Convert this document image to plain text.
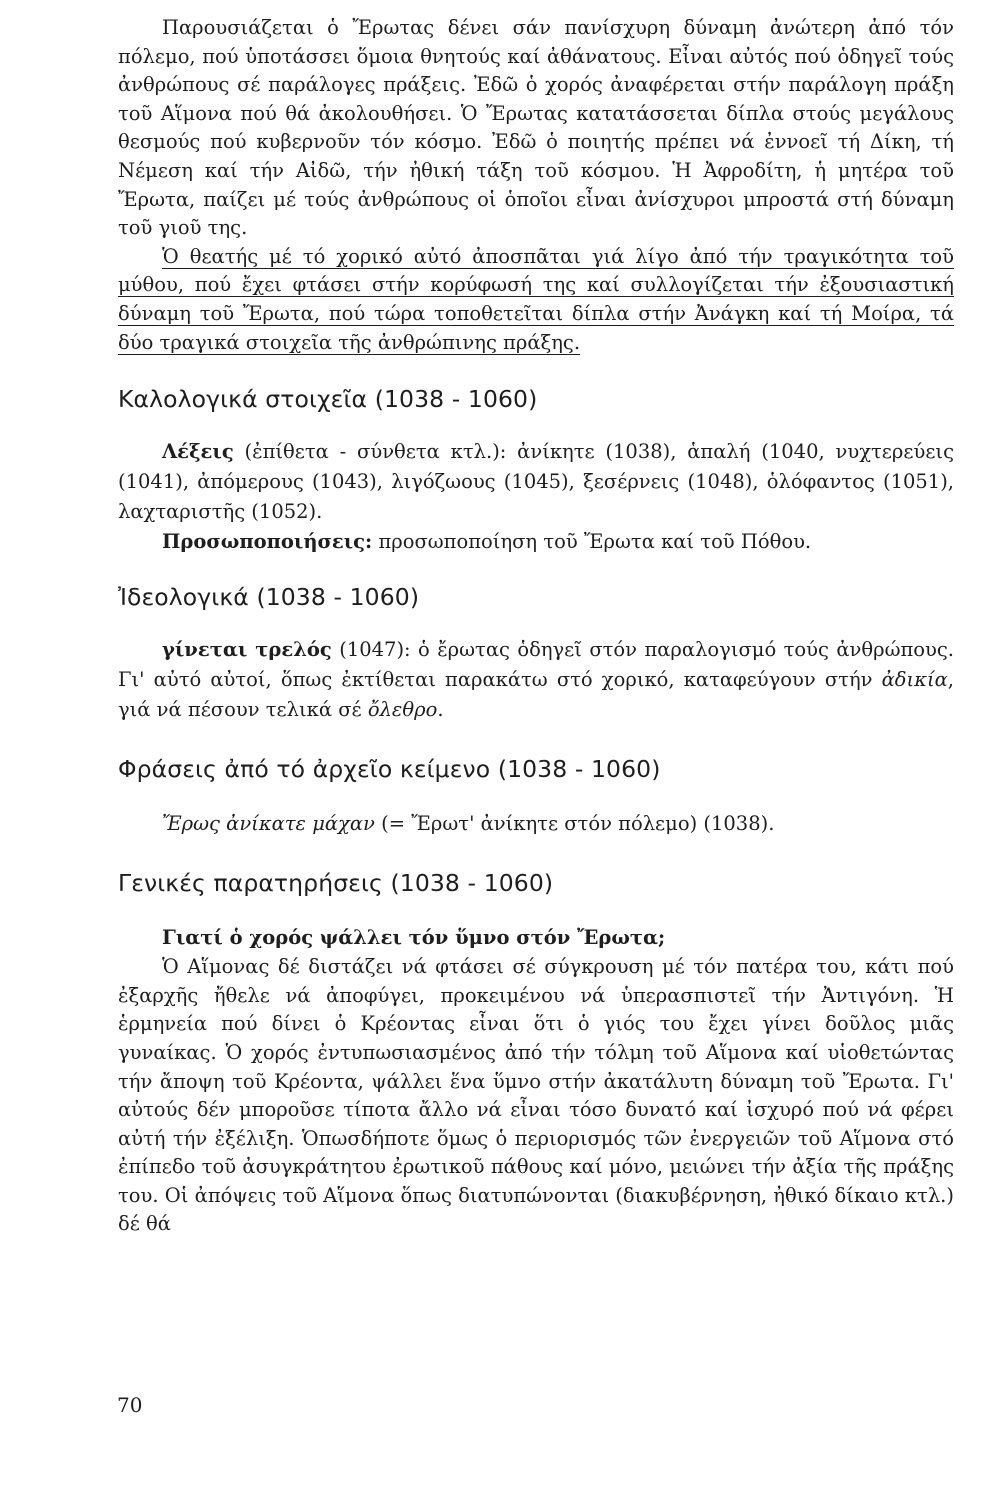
Παρουσιάζεται ὁ Ἔρωτας δένει σάν πανίσχυρη δύναμη ἀνώτερη ἀπό τόν πόλεμο, πού ὑποτάσσει ὅμοια θνητούς καί ἀθάνατους. Εἶναι αὐτός πού ὁδηγεῖ τούς ἀνθρώπους σέ παράλογες πράξεις. Ἐδῶ ὁ χορός ἀναφέρεται στήν παράλογη πράξη τοῦ Αἵμονα πού θά ἀκολουθήσει. Ὁ Ἔρωτας κατατάσσεται δίπλα στούς μεγάλους θεσμούς πού κυβερνοῦν τόν κόσμο. Ἐδῶ ὁ ποιητής πρέπει νά ἐννοεῖ τή Δίκη, τή Νέμεση καί τήν Αἰδῶ, τήν ἠθική τάξη τοῦ κόσμου. Ἡ Ἀφροδίτη, ἡ μητέρα τοῦ Ἔρωτα, παίζει μέ τούς ἀνθρώπους οἱ ὁποῖοι εἶναι ἀνίσχυροι μπροστά στή δύναμη τοῦ γιοῦ της.

Ὁ θεατής μέ τό χορικό αὐτό ἀποσπᾶται γιά λίγο ἀπό τήν τραγικότητα τοῦ μύθου, πού ἔχει φτάσει στήν κορύφωσή της καί συλλογίζεται τήν ἐξουσιαστική δύναμη τοῦ Ἔρωτα, πού τώρα τοποθετεῖται δίπλα στήν Ἀνάγκη καί τή Μοίρα, τά δύο τραγικά στοιχεῖα τῆς ἀνθρώπινης πράξης.

Καλολογικά στοιχεῖα (1038 - 1060)

Λέξεις (ἐπίθετα - σύνθετα κτλ.): ἀνίκητε (1038), ἁπαλή (1040, νυχτερεύεις (1041), ἀπόμερους (1043), λιγόζωους (1045), ξεσέρνεις (1048), ὁλόφαντος (1051), λαχταριστῆς (1052).

Προσωποποιήσεις: προσωποποίηση τοῦ Ἔρωτα καί τοῦ Πόθου.

Ἰδεολογικά (1038 - 1060)

γίνεται τρελός (1047): ὁ ἔρωτας ὁδηγεῖ στόν παραλογισμό τούς ἀνθρώπους. Γι' αὐτό αὐτοί, ὅπως ἐκτίθεται παρακάτω στό χορικό, καταφεύγουν στήν ἀδικία, γιά νά πέσουν τελικά σέ ὄλεθρο.

Φράσεις ἀπό τό ἀρχεῖο κείμενο (1038 - 1060)

Ἔρως ἀνίκατε μάχαν (= Ἔρωτ' ἀνίκητε στόν πόλεμο) (1038).

Γενικές παρατηρήσεις (1038 - 1060)

Γιατί ὁ χορός ψάλλει τόν ὕμνο στόν Ἔρωτα;

Ὁ Αἵμονας δέ διστάζει νά φτάσει σέ σύγκρουση μέ τόν πατέρα του, κάτι πού ἐξαρχῆς ἤθελε νά ἀποφύγει, προκειμένου νά ὑπερασπιστεῖ τήν Ἀντιγόνη. Ἡ ἑρμηνεία πού δίνει ὁ Κρέοντας εἶναι ὅτι ὁ γιός του ἔχει γίνει δοῦλος μιᾶς γυναίκας. Ὁ χορός ἐντυπωσιασμένος ἀπό τήν τόλμη τοῦ Αἵμονα καί υἱοθετώντας τήν ἄποψη τοῦ Κρέοντα, ψάλλει ἕνα ὕμνο στήν ἀκατάλυτη δύναμη τοῦ Ἔρωτα. Γι' αὐτούς δέν μποροῦσε τίποτα ἄλλο νά εἶναι τόσο δυνατό καί ἰσχυρό πού νά φέρει αὐτή τήν ἐξέλιξη. Ὁπωσδήποτε ὅμως ὁ περιορισμός τῶν ἐνεργειῶν τοῦ Αἵμονα στό ἐπίπεδο τοῦ ἀσυγκράτητου ἐρωτικοῦ πάθους καί μόνο, μειώνει τήν ἀξία τῆς πράξης του. Οἱ ἀπόψεις τοῦ Αἵμονα ὅπως διατυπώνονται (διακυβέρνηση, ἠθικό δίκαιο κτλ.) δέ θά

70
